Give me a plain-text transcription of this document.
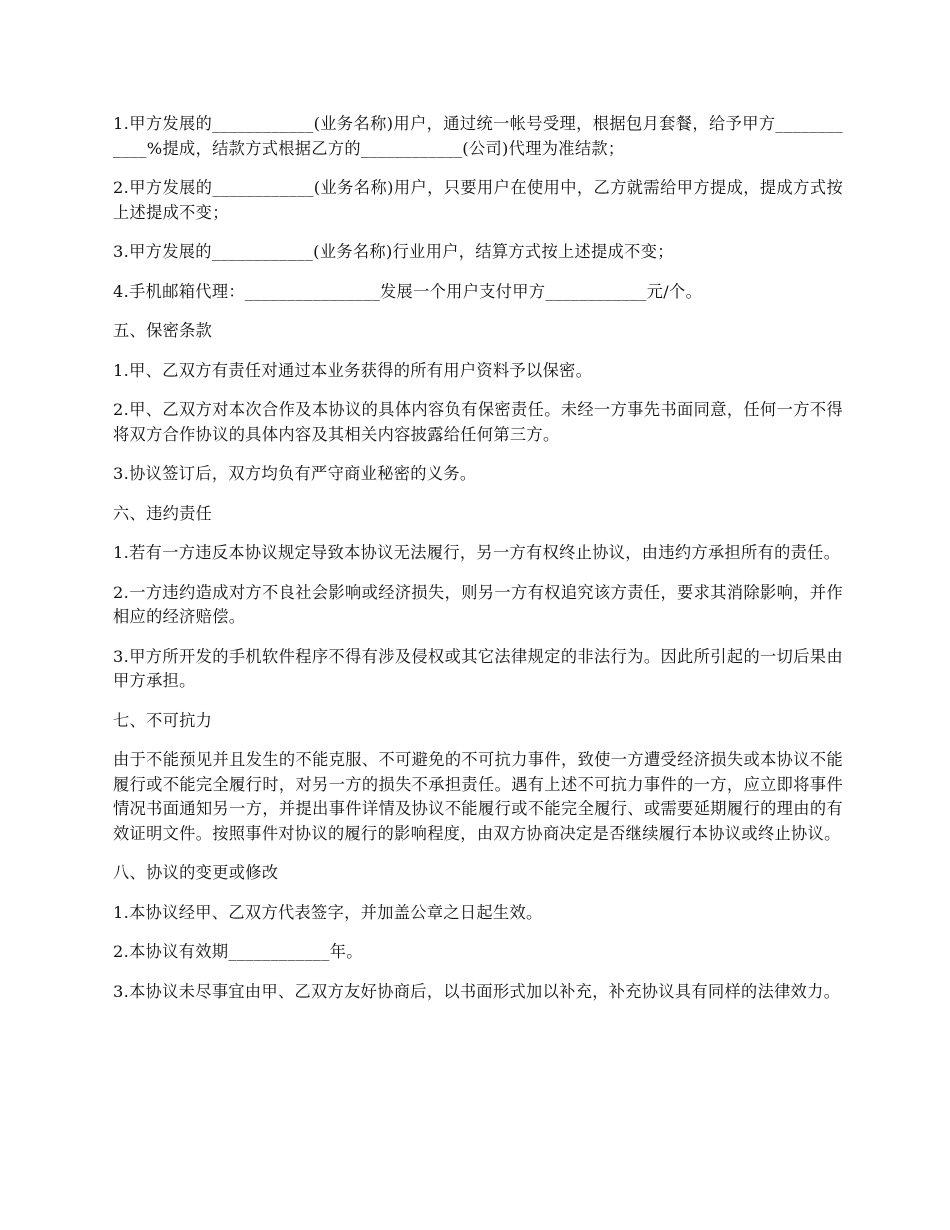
1.甲方发展的____________(业务名称)用户，通过统一帐号受理，根据包月套餐，给予甲方____________%提成，结款方式根据乙方的____________(公司)代理为准结款；

2.甲方发展的____________(业务名称)用户，只要用户在使用中，乙方就需给甲方提成，提成方式按上述提成不变；

3.甲方发展的____________(业务名称)行业用户，结算方式按上述提成不变；

4.手机邮箱代理：________________发展一个用户支付甲方____________元/个。

五、保密条款

1.甲、乙双方有责任对通过本业务获得的所有用户资料予以保密。

2.甲、乙双方对本次合作及本协议的具体内容负有保密责任。未经一方事先书面同意，任何一方不得将双方合作协议的具体内容及其相关内容披露给任何第三方。

3.协议签订后，双方均负有严守商业秘密的义务。

六、违约责任

1.若有一方违反本协议规定导致本协议无法履行，另一方有权终止协议，由违约方承担所有的责任。

2.一方违约造成对方不良社会影响或经济损失，则另一方有权追究该方责任，要求其消除影响，并作相应的经济赔偿。

3.甲方所开发的手机软件程序不得有涉及侵权或其它法律规定的非法行为。因此所引起的一切后果由甲方承担。

七、不可抗力

由于不能预见并且发生的不能克服、不可避免的不可抗力事件，致使一方遭受经济损失或本协议不能履行或不能完全履行时，对另一方的损失不承担责任。遇有上述不可抗力事件的一方，应立即将事件情况书面通知另一方，并提出事件详情及协议不能履行或不能完全履行、或需要延期履行的理由的有效证明文件。按照事件对协议的履行的影响程度，由双方协商决定是否继续履行本协议或终止协议。

八、协议的变更或修改

1.本协议经甲、乙双方代表签字，并加盖公章之日起生效。

2.本协议有效期____________年。

3.本协议未尽事宜由甲、乙双方友好协商后，以书面形式加以补充，补充协议具有同样的法律效力。
